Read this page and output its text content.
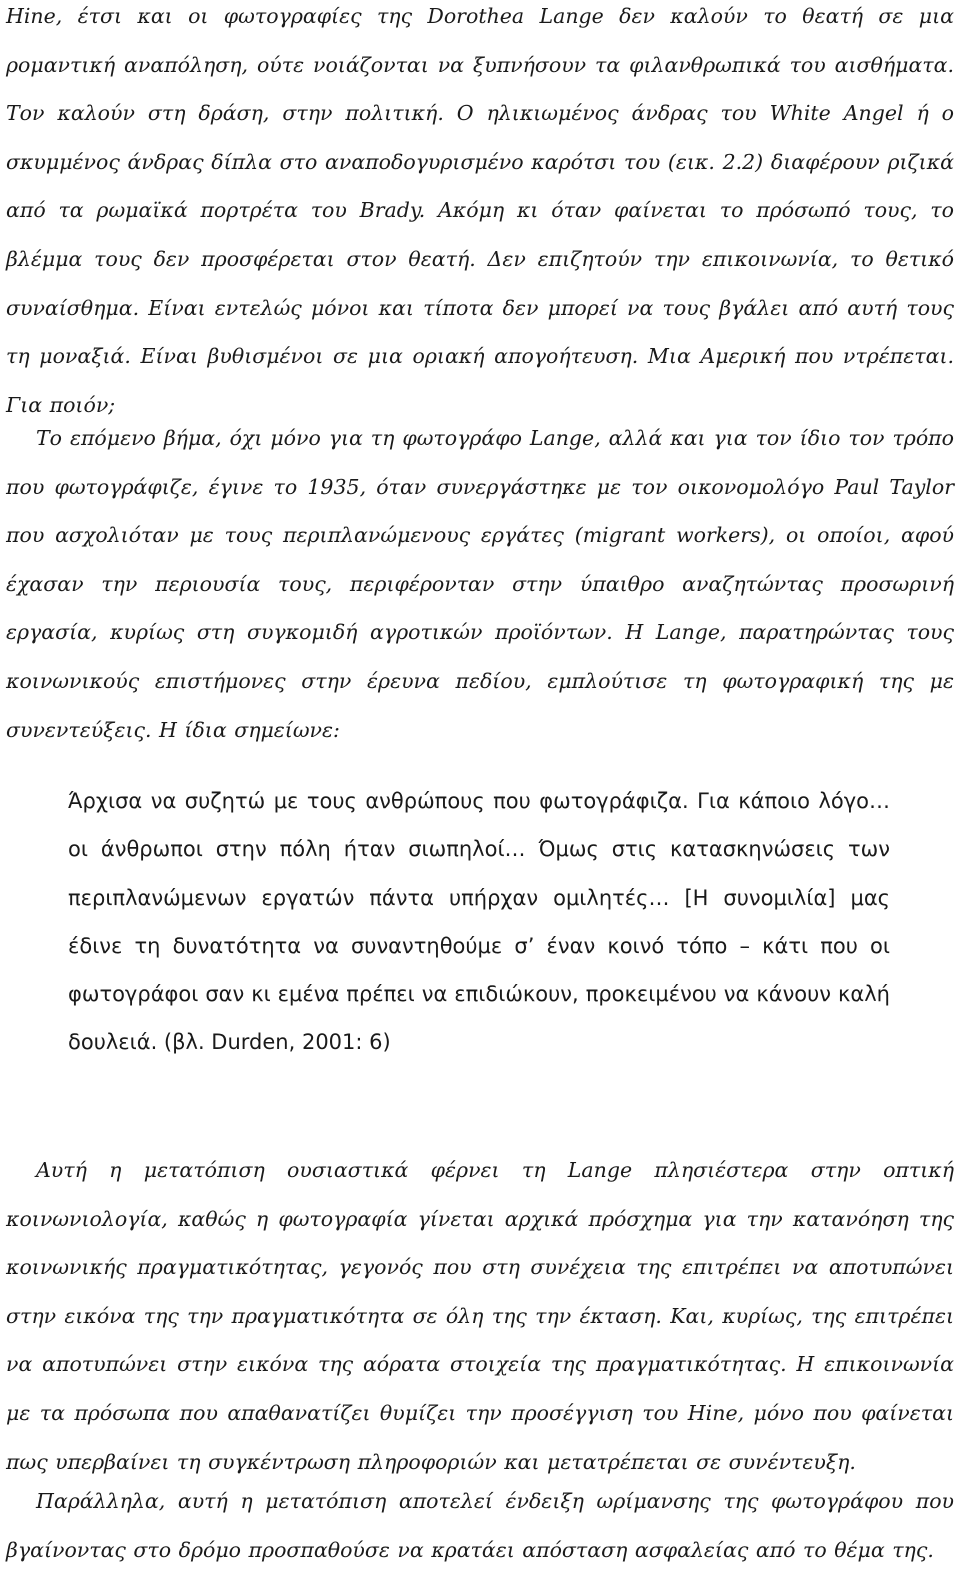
Hine, έτσι και οι φωτογραφίες της Dorothea Lange δεν καλούν το θεατή σε μια ρομαντική αναπόληση, ούτε νοιάζονται να ξυπνήσουν τα φιλανθρωπικά του αισθήματα. Τον καλούν στη δράση, στην πολιτική. Ο ηλικιωμένος άνδρας του White Angel ή ο σκυμμένος άνδρας δίπλα στο αναποδογυρισμένο καρότσι του (εικ. 2.2) διαφέρουν ριζικά από τα ρωμαϊκά πορτρέτα του Brady. Ακόμη κι όταν φαίνεται το πρόσωπό τους, το βλέμμα τους δεν προσφέρεται στον θεατή. Δεν επιζητούν την επικοινωνία, το θετικό συναίσθημα. Είναι εντελώς μόνοι και τίποτα δεν μπορεί να τους βγάλει από αυτή τους τη μοναξιά. Είναι βυθισμένοι σε μια οριακή απογοήτευση. Μια Αμερική που ντρέπεται. Για ποιόν;

Το επόμενο βήμα, όχι μόνο για τη φωτογράφο Lange, αλλά και για τον ίδιο τον τρόπο που φωτογράφιζε, έγινε το 1935, όταν συνεργάστηκε με τον οικονομολόγο Paul Taylor που ασχολιόταν με τους περιπλανώμενους εργάτες (migrant workers), οι οποίοι, αφού έχασαν την περιουσία τους, περιφέρονταν στην ύπαιθρο αναζητώντας προσωρινή εργασία, κυρίως στη συγκομιδή αγροτικών προϊόντων. Η Lange, παρατηρώντας τους κοινωνικούς επιστήμονες στην έρευνα πεδίου, εμπλούτισε τη φωτογραφική της με συνεντεύξεις. Η ίδια σημείωνε:

Άρχισα να συζητώ με τους ανθρώπους που φωτογράφιζα. Για κάποιο λόγο… οι άνθρωποι στην πόλη ήταν σιωπηλοί… Όμως στις κατασκηνώσεις των περιπλανώμενων εργατών πάντα υπήρχαν ομιλητές… [Η συνομιλία] μας έδινε τη δυνατότητα να συναντηθούμε σ’ έναν κοινό τόπο – κάτι που οι φωτογράφοι σαν κι εμένα πρέπει να επιδιώκουν, προκειμένου να κάνουν καλή δουλειά. (βλ. Durden, 2001: 6)

Αυτή η μετατόπιση ουσιαστικά φέρνει τη Lange πλησιέστερα στην οπτική κοινωνιολογία, καθώς η φωτογραφία γίνεται αρχικά πρόσχημα για την κατανόηση της κοινωνικής πραγματικότητας, γεγονός που στη συνέχεια της επιτρέπει να αποτυπώνει στην εικόνα της την πραγματικότητα σε όλη της την έκταση. Και, κυρίως, της επιτρέπει να αποτυπώνει στην εικόνα της αόρατα στοιχεία της πραγματικότητας. Η επικοινωνία με τα πρόσωπα που απαθανατίζει θυμίζει την προσέγγιση του Hine, μόνο που φαίνεται πως υπερβαίνει τη συγκέντρωση πληροφοριών και μετατρέπεται σε συνέντευξη.

Παράλληλα, αυτή η μετατόπιση αποτελεί ένδειξη ωρίμανσης της φωτογράφου που βγαίνοντας στο δρόμο προσπαθούσε να κρατάει απόσταση ασφαλείας από το θέμα της.
